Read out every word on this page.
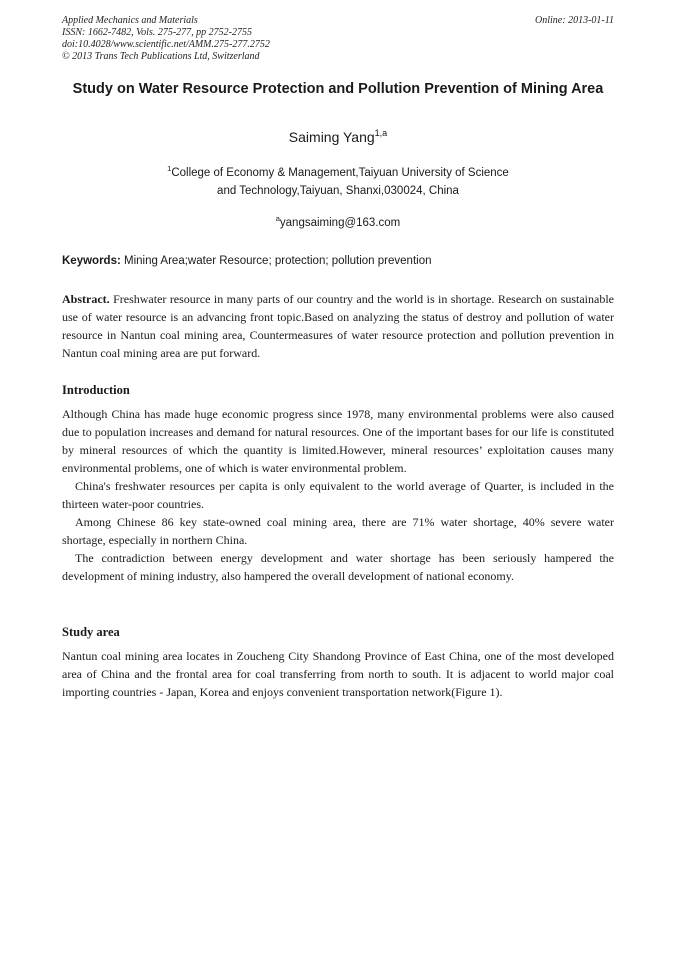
Applied Mechanics and Materials
ISSN: 1662-7482, Vols. 275-277, pp 2752-2755
doi:10.4028/www.scientific.net/AMM.275-277.2752
© 2013 Trans Tech Publications Ltd, Switzerland
Online: 2013-01-11
Study on Water Resource Protection and Pollution Prevention of Mining Area
Saiming Yang$^{1,a}$
$^1$College of Economy & Management,Taiyuan University of Science
and Technology,Taiyuan, Shanxi,030024, China
$^a$yangsaiming@163.com
Keywords: Mining Area;water Resource; protection; pollution prevention

Abstract. Freshwater resource in many parts of our country and the world is in shortage. Research on sustainable use of water resource is an advancing front topic.Based on analyzing the status of destroy and pollution of water resource in Nantun coal mining area, Countermeasures of water resource protection and pollution prevention in Nantun coal mining area are put forward.

Introduction

Although China has made huge economic progress since 1978, many environmental problems were also caused due to population increases and demand for natural resources. One of the important bases for our life is constituted by mineral resources of which the quantity is limited.However, mineral resources’ exploitation causes many environmental problems, one of which is water environmental problem.

China's freshwater resources per capita is only equivalent to the world average of Quarter, is included in the thirteen water-poor countries.

Among Chinese 86 key state-owned coal mining area, there are 71% water shortage, 40% severe water shortage, especially in northern China.

The contradiction between energy development and water shortage has been seriously hampered the development of mining industry, also hampered the overall development of national economy.

Study area

Nantun coal mining area locates in Zoucheng City Shandong Province of East China, one of the most developed area of China and the frontal area for coal transferring from north to south. It is adjacent to world major coal importing countries - Japan, Korea and enjoys convenient transportation network(Figure 1).
